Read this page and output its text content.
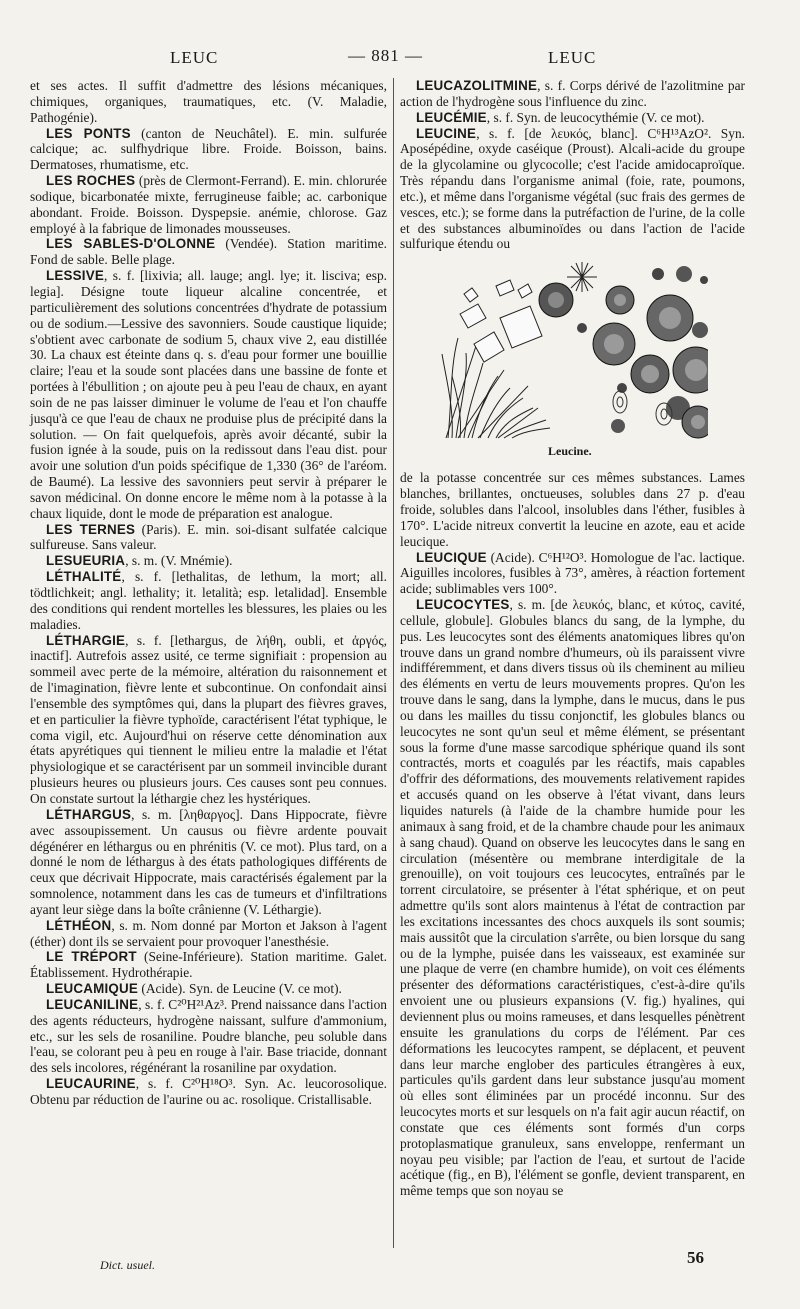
LEUC	— 881 —	LEUC

et ses actes. Il suffit d'admettre des lésions mécaniques, chimiques, organiques, traumatiques, etc. (V. Maladie, Pathogénie).

LES PONTS (canton de Neuchâtel). E. min. sulfurée calcique; ac. sulfhydrique libre. Froide. Boisson, bains. Dermatoses, rhumatisme, etc.

LES ROCHES (près de Clermont-Ferrand). E. min. chlorurée sodique, bicarbonatée mixte, ferrugineuse faible; ac. carbonique abondant. Froide. Boisson. Dyspepsie. anémie, chlorose. Gaz employé à la fabrique de limonades mousseuses.

LES SABLES-D'OLONNE (Vendée). Station maritime. Fond de sable. Belle plage.

LESSIVE, s. f. [lixivia; all. lauge; angl. lye; it. lisciva; esp. legia]. Désigne toute liqueur alcaline concentrée, et particulièrement des solutions concentrées d'hydrate de potassium ou de sodium.—Lessive des savonniers. Soude caustique liquide; s'obtient avec carbonate de sodium 5, chaux vive 2, eau distillée 30. La chaux est éteinte dans q. s. d'eau pour former une bouillie claire; l'eau et la soude sont placées dans une bassine de fonte et portées à l'ébullition ; on ajoute peu à peu l'eau de chaux, en ayant soin de ne pas laisser diminuer le volume de l'eau et l'on chauffe jusqu'à ce que l'eau de chaux ne produise plus de précipité dans la solution. — On fait quelquefois, après avoir décanté, subir la fusion ignée à la soude, puis on la redissout dans l'eau dist. pour avoir une solution d'un poids spécifique de 1,330 (36° de l'aréom. de Baumé). La lessive des savonniers peut servir à préparer le savon médicinal. On donne encore le même nom à la potasse à la chaux liquide, dont le mode de préparation est analogue.

LES TERNES (Paris). E. min. soi-disant sulfatée calcique sulfureuse. Sans valeur.

LESUEURIA, s. m. (V. Mnémie).

LÉTHALITÉ, s. f. [lethalitas, de lethum, la mort; all. tödtlichkeit; angl. lethality; it. letalità; esp. letalidad]. Ensemble des conditions qui rendent mortelles les blessures, les plaies ou les maladies.

LÉTHARGIE, s. f. [lethargus, de λήθη, oubli, et ἀργός, inactif]. Autrefois assez usité, ce terme signifiait : propension au sommeil avec perte de la mémoire, altération du raisonnement et de l'imagination, fièvre lente et subcontinue. On confondait ainsi l'ensemble des symptômes qui, dans la plupart des fièvres graves, et en particulier la fièvre typhoïde, caractérisent l'état typhique, le coma vigil, etc. Aujourd'hui on réserve cette dénomination aux états apyrétiques qui tiennent le milieu entre la maladie et l'état physiologique et se caractérisent par un sommeil invincible durant plusieurs heures ou plusieurs jours. Ces causes sont peu connues. On constate surtout la léthargie chez les hystériques.

LÉTHARGUS, s. m. [ληθαργος]. Dans Hippocrate, fièvre avec assoupissement. Un causus ou fièvre ardente pouvait dégénérer en léthargus ou en phrénitis (V. ce mot). Plus tard, on a donné le nom de léthargus à des états pathologiques différents de ceux que décrivait Hippocrate, mais caractérisés également par la somnolence, notamment dans les cas de tumeurs et d'infiltrations ayant leur siège dans la boîte crânienne (V. Léthargie).

LÉTHÉON, s. m. Nom donné par Morton et Jakson à l'agent (éther) dont ils se servaient pour provoquer l'anesthésie.

LE TRÉPORT (Seine-Inférieure). Station maritime. Galet. Établissement. Hydrothérapie.

LEUCAMIQUE (Acide). Syn. de Leucine (V. ce mot).

LEUCANILINE, s. f. C²⁰H²¹Az³. Prend naissance dans l'action des agents réducteurs, hydrogène naissant, sulfure d'ammonium, etc., sur les sels de rosaniline. Poudre blanche, peu soluble dans l'eau, se colorant peu à peu en rouge à l'air. Base triacide, donnant des sels incolores, régénérant la rosaniline par oxydation.

LEUCAURINE, s. f. C²⁰H¹⁸O³. Syn. Ac. leucorosolique. Obtenu par réduction de l'aurine ou ac. rosolique. Cristallisable.

LEUCAZOLITMINE, s. f. Corps dérivé de l'azolitmine par action de l'hydrogène sous l'influence du zinc.

LEUCÉMIE, s. f. Syn. de leucocythémie (V. ce mot).

LEUCINE, s. f. [de λευκός, blanc]. C⁶H¹³AzO². Syn. Aposépédine, oxyde caséique (Proust). Alcali-acide du groupe de la glycolamine ou glycocolle; c'est l'acide amidocaproïque. Très répandu dans l'organisme animal (foie, rate, poumons, etc.), et même dans l'organisme végétal (suc frais des germes de vesces, etc.); se forme dans la putréfaction de l'urine, de la colle et des substances albuminoïdes ou dans l'action de l'acide sulfurique étendu ou

Leucine.

de la potasse concentrée sur ces mêmes substances. Lames blanches, brillantes, onctueuses, solubles dans 27 p. d'eau froide, solubles dans l'alcool, insolubles dans l'éther, fusibles à 170°. L'acide nitreux convertit la leucine en azote, eau et acide leucique.

LEUCIQUE (Acide). C⁶H¹²O³. Homologue de l'ac. lactique. Aiguilles incolores, fusibles à 73°, amères, à réaction fortement acide; sublimables vers 100°.

LEUCOCYTES, s. m. [de λευκός, blanc, et κύτος, cavité, cellule, globule]. Globules blancs du sang, de la lymphe, du pus. Les leucocytes sont des éléments anatomiques libres qu'on trouve dans un grand nombre d'humeurs, où ils paraissent vivre indifféremment, et dans divers tissus où ils cheminent au milieu des éléments en vertu de leurs mouvements propres. Qu'on les trouve dans le sang, dans la lymphe, dans le mucus, dans le pus ou dans les mailles du tissu conjonctif, les globules blancs ou leucocytes ne sont qu'un seul et même élément, se présentant sous la forme d'une masse sarcodique sphérique quand ils sont contractés, morts et coagulés par les réactifs, mais capables d'offrir des déformations, des mouvements relativement rapides et accusés quand on les observe à l'état vivant, dans leurs liquides naturels (à l'aide de la chambre humide pour les animaux à sang froid, et de la chambre chaude pour les animaux à sang chaud). Quand on observe les leucocytes dans le sang en circulation (mésentère ou membrane interdigitale de la grenouille), on voit toujours ces leucocytes, entraînés par le torrent circulatoire, se présenter à l'état sphérique, et on peut admettre qu'ils sont alors maintenus à l'état de contraction par les excitations incessantes des chocs auxquels ils sont soumis; mais aussitôt que la circulation s'arrête, ou bien lorsque du sang ou de la lymphe, puisée dans les vaisseaux, est examinée sur une plaque de verre (en chambre humide), on voit ces éléments présenter des déformations caractéristiques, c'est-à-dire qu'ils envoient une ou plusieurs expansions (V. fig.) hyalines, qui deviennent plus ou moins rameuses, et dans lesquelles pénètrent ensuite les granulations du corps de l'élément. Par ces déformations les leucocytes rampent, se déplacent, et peuvent dans leur marche englober des particules étrangères à eux, particules qu'ils gardent dans leur substance jusqu'au moment où elles sont éliminées par un procédé inconnu. Sur des leucocytes morts et sur lesquels on n'a fait agir aucun réactif, on constate que ces éléments sont formés d'un corps protoplasmatique granuleux, sans enveloppe, renfermant un noyau peu visible; par l'action de l'eau, et surtout de l'acide acétique (fig., en B), l'élément se gonfle, devient transparent, en même temps que son noyau se

Dict. usuel.	56
